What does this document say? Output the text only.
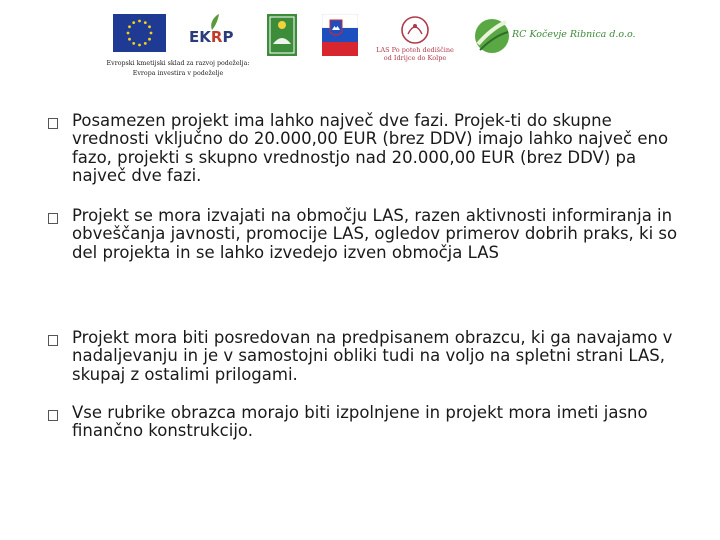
EKRP
LAS Po poteh dediščine
od Idrijce do Kolpe
RC Kočevje Ribnica d.o.o.
Evropski kmetijski sklad za razvoj podeželja:
Evropa investira v podeželje
Posamezen projekt ima lahko največ dve fazi. Projek-ti do skupne vrednosti vključno do 20.000,00 EUR (brez DDV) imajo lahko največ eno fazo, projekti s skupno vrednostjo nad 20.000,00 EUR (brez DDV) pa največ dve fazi.
Projekt se mora izvajati na območju LAS, razen aktivnosti informiranja in obveščanja javnosti, promocije LAS, ogledov primerov dobrih praks, ki so del projekta in se lahko izvedejo izven območja LAS
Projekt mora biti posredovan na predpisanem obrazcu, ki ga navajamo v nadaljevanju in je v samostojni obliki tudi na voljo na spletni strani LAS, skupaj z ostalimi prilogami.
Vse rubrike obrazca morajo biti izpolnjene in projekt mora imeti jasno finančno konstrukcijo.
